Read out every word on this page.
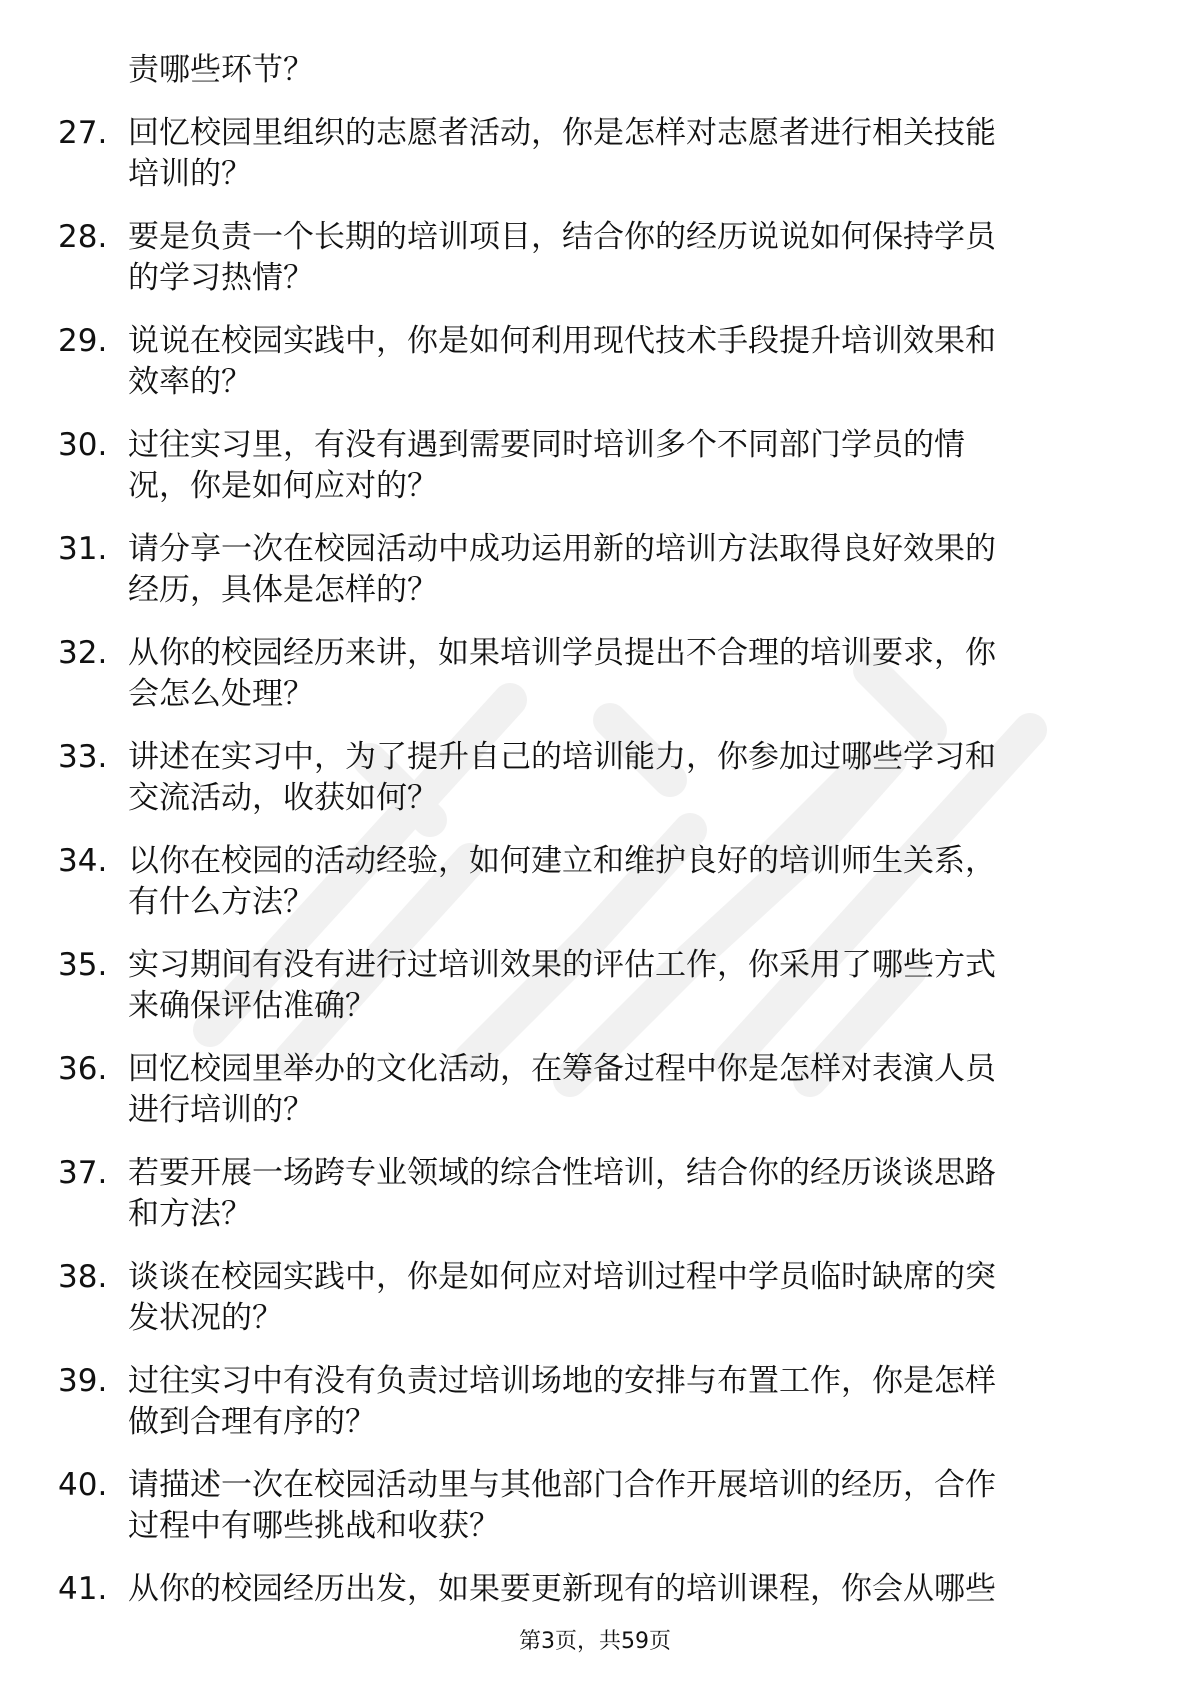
责哪些环节？
27. 回忆校园里组织的志愿者活动，你是怎样对志愿者进行相关技能
培训的？
28. 要是负责一个长期的培训项目，结合你的经历说说如何保持学员
的学习热情？
29. 说说在校园实践中，你是如何利用现代技术手段提升培训效果和
效率的？
30. 过往实习里，有没有遇到需要同时培训多个不同部门学员的情
况，你是如何应对的？
31. 请分享一次在校园活动中成功运用新的培训方法取得良好效果的
经历，具体是怎样的？
32. 从你的校园经历来讲，如果培训学员提出不合理的培训要求，你
会怎么处理？
33. 讲述在实习中，为了提升自己的培训能力，你参加过哪些学习和
交流活动，收获如何？
34. 以你在校园的活动经验，如何建立和维护良好的培训师生关系，
有什么方法？
35. 实习期间有没有进行过培训效果的评估工作，你采用了哪些方式
来确保评估准确？
36. 回忆校园里举办的文化活动，在筹备过程中你是怎样对表演人员
进行培训的？
37. 若要开展一场跨专业领域的综合性培训，结合你的经历谈谈思路
和方法？
38. 谈谈在校园实践中，你是如何应对培训过程中学员临时缺席的突
发状况的？
39. 过往实习中有没有负责过培训场地的安排与布置工作，你是怎样
做到合理有序的？
40. 请描述一次在校园活动里与其他部门合作开展培训的经历，合作
过程中有哪些挑战和收获？
41. 从你的校园经历出发，如果要更新现有的培训课程，你会从哪些
第3页，共59页
